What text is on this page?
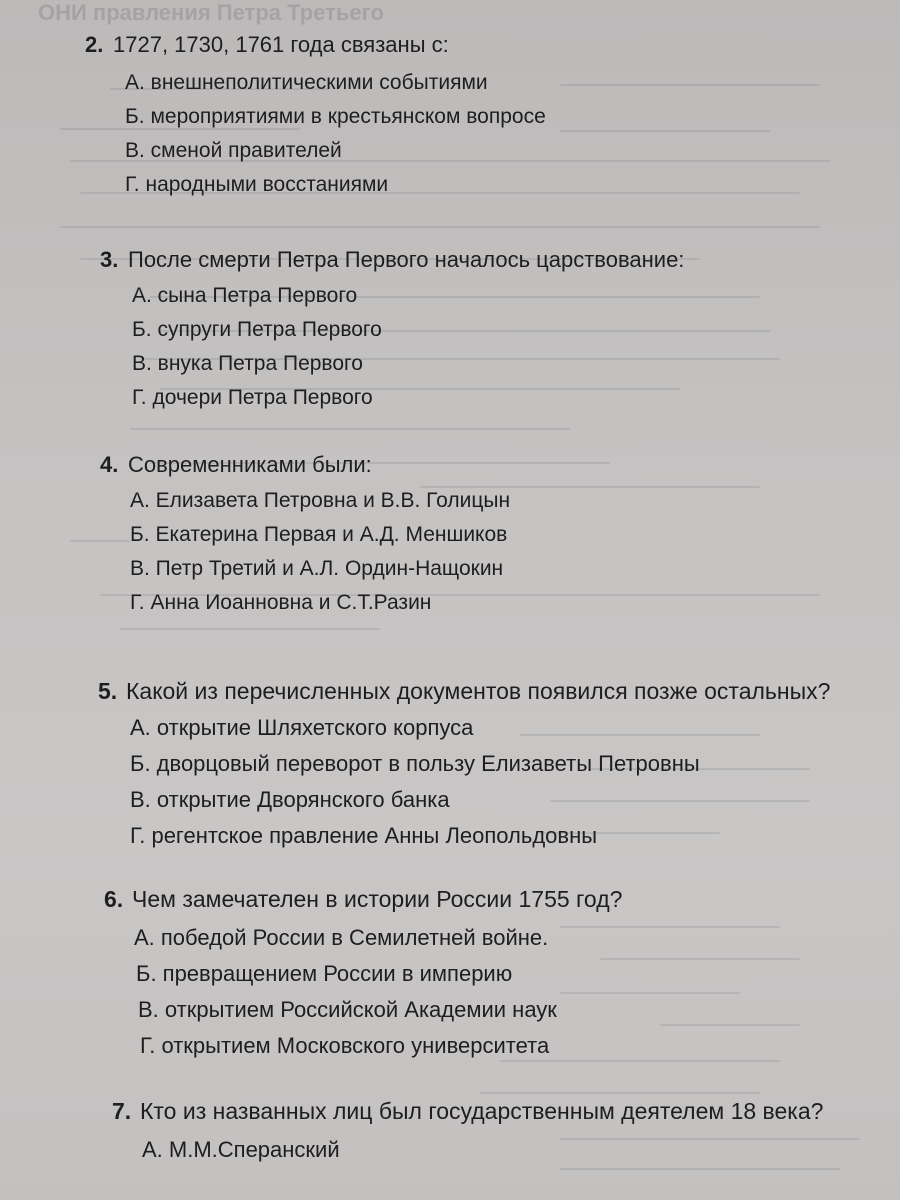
ОНИ правления Петра Третьего
2. 1727, 1730, 1761 года связаны с:
А. внешнеполитическими событиями
Б. мероприятиями в крестьянском вопросе
В. сменой правителей
Г. народными восстаниями
3. После смерти Петра Первого началось царствование:
А. сына Петра Первого
Б. супруги Петра Первого
В. внука Петра Первого
Г. дочери Петра Первого
4. Современниками были:
А. Елизавета Петровна и В.В. Голицын
Б. Екатерина Первая и А.Д. Меншиков
В. Петр Третий и А.Л. Ордин-Нащокин
Г. Анна Иоанновна и С.Т.Разин
5. Какой из перечисленных документов появился позже остальных?
А. открытие Шляхетского корпуса
Б. дворцовый переворот в пользу Елизаветы Петровны
В. открытие Дворянского банка
Г. регентское правление Анны Леопольдовны
6. Чем замечателен в истории России 1755 год?
А. победой России в Семилетней войне.
Б. превращением России в империю
В. открытием Российской Академии наук
Г. открытием Московского университета
7. Кто из названных лиц был государственным деятелем 18 века?
А. М.М.Сперанский
